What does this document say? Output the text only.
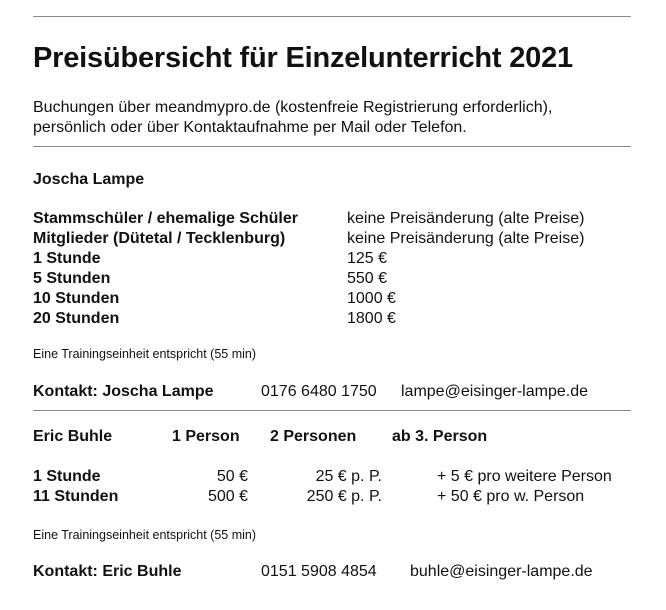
Preisübersicht für Einzelunterricht 2021
Buchungen über meandmypro.de (kostenfreie Registrierung erforderlich),
persönlich oder über Kontaktaufnahme per Mail oder Telefon.
Joscha Lampe
Stammschüler / ehemalige Schüler	keine Preisänderung (alte Preise)
Mitglieder (Dütetal / Tecklenburg)	keine Preisänderung (alte Preise)
1 Stunde	125 €
5 Stunden	550 €
10 Stunden	1000 €
20 Stunden	1800 €
Eine Trainingseinheit entspricht (55 min)
Kontakt: Joscha Lampe	0176 6480 1750 lampe@eisinger-lampe.de
Eric Buhle	1 Person 2 Personen ab 3. Person
1 Stunde	50 €	25 € p. P.	+ 5 € pro weitere Person
11 Stunden	500 €	250 € p. P.	+ 50 € pro w. Person
Eine Trainingseinheit entspricht (55 min)
Kontakt: Eric Buhle	0151 5908 4854 buhle@eisinger-lampe.de
